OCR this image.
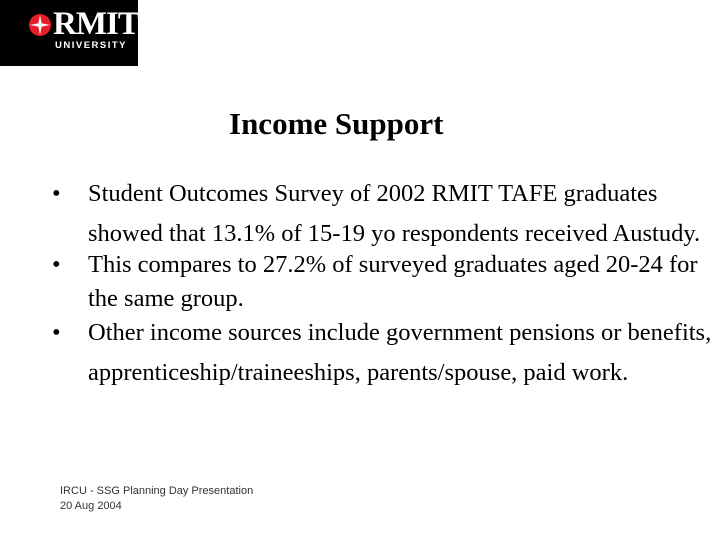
RMIT
UNIVERSITY
Income Support
• Student Outcomes Survey of 2002 RMIT TAFE graduates showed that 13.1% of 15-19 yo respondents received Austudy.
• This compares to 27.2% of surveyed graduates aged 20-24 for the same group.
• Other income sources include government pensions or benefits, apprenticeship/traineeships, parents/spouse, paid work.
IRCU - SSG Planning Day Presentation
20 Aug 2004
